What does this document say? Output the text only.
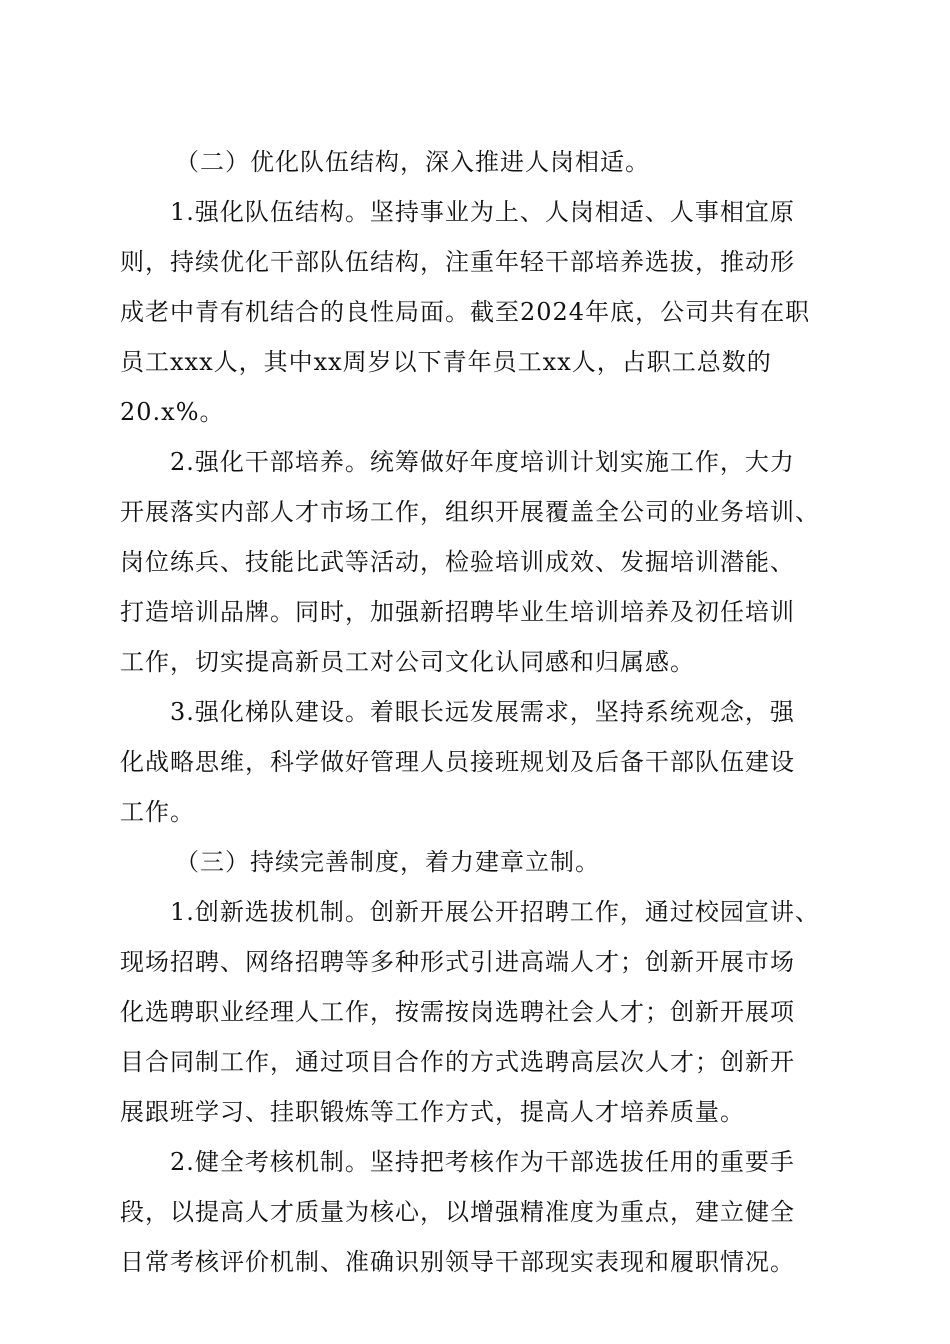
（二）优化队伍结构，深入推进人岗相适。
1.强化队伍结构。坚持事业为上、人岗相适、人事相宜原
则，持续优化干部队伍结构，注重年轻干部培养选拔，推动形
成老中青有机结合的良性局面。截至2024年底，公司共有在职
员工xxx人，其中xx周岁以下青年员工xx人，占职工总数的
20.x%。
2.强化干部培养。统筹做好年度培训计划实施工作，大力
开展落实内部人才市场工作，组织开展覆盖全公司的业务培训、
岗位练兵、技能比武等活动，检验培训成效、发掘培训潜能、
打造培训品牌。同时，加强新招聘毕业生培训培养及初任培训
工作，切实提高新员工对公司文化认同感和归属感。
3.强化梯队建设。着眼长远发展需求，坚持系统观念，强
化战略思维，科学做好管理人员接班规划及后备干部队伍建设
工作。
（三）持续完善制度，着力建章立制。
1.创新选拔机制。创新开展公开招聘工作，通过校园宣讲、
现场招聘、网络招聘等多种形式引进高端人才；创新开展市场
化选聘职业经理人工作，按需按岗选聘社会人才；创新开展项
目合同制工作，通过项目合作的方式选聘高层次人才；创新开
展跟班学习、挂职锻炼等工作方式，提高人才培养质量。
2.健全考核机制。坚持把考核作为干部选拔任用的重要手
段，以提高人才质量为核心，以增强精准度为重点，建立健全
日常考核评价机制、准确识别领导干部现实表现和履职情况。
